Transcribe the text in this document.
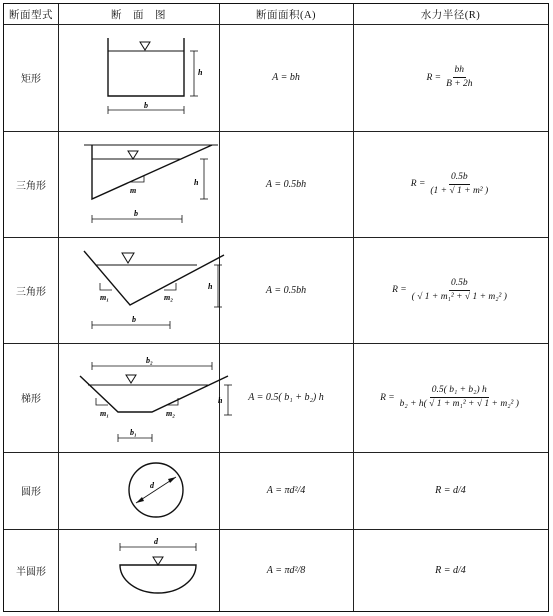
断面型式	断　面　图	断面面积(A)	水力半径(R)
矩形	A = bh	$R = \frac{bh}{B + 2h}$
h
b
三角形	A = 0.5bh	$R = \frac{0.5b}{\text{(1 + √ 1 + m² )}}$
m
h
b
三角形	A = 0.5bh	$R = \frac{0.5b}{\text{( √ 1 + m₁² + √ 1 + m₂² )}}$
m₁	m₂
h
b
梯形	A = 0.5( b₁ + b₂) h	$R = \frac{\text{0.5( b₁ + b₂) h}}{\text{b₂ + h( √ 1 + m₁² + √ 1 + m₂² )}}$
b₂
m₁	m₂
h
b₁
圆形	A = πd²/4	R = d/4
d
半圆形	A = πd²/8	R = d/4
d
